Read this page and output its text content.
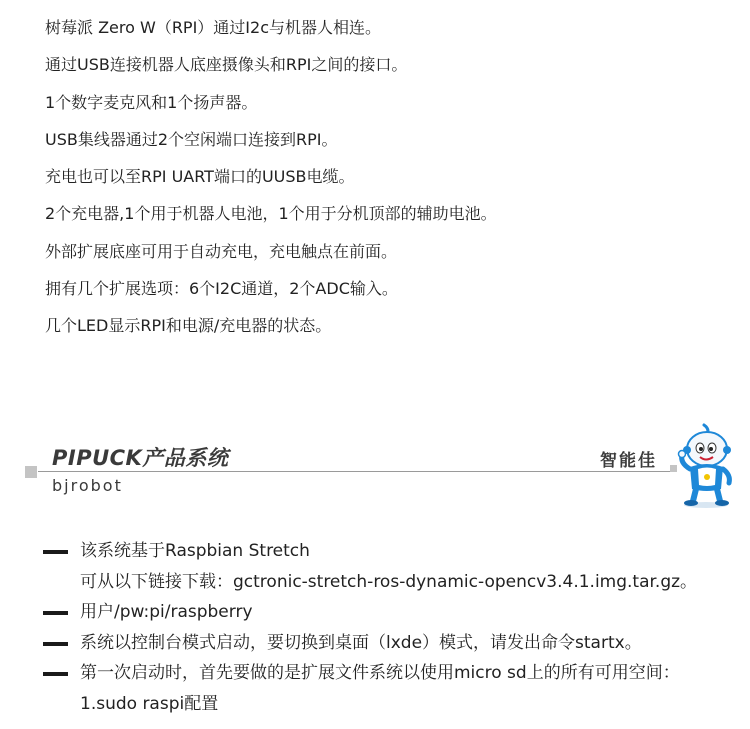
树莓派 Zero W（RPI）通过I2c与机器人相连。
通过USB连接机器人底座摄像头和RPI之间的接口。
1个数字麦克风和1个扬声器。
USB集线器通过2个空闲端口连接到RPI。
充电也可以至RPI UART端口的UUSB电缆。
2个充电器,1个用于机器人电池，1个用于分机顶部的辅助电池。
外部扩展底座可用于自动充电，充电触点在前面。
拥有几个扩展选项：6个I2C通道，2个ADC输入。
几个LED显示RPI和电源/充电器的状态。
PIPUCK产品系统
bjrobot
智能佳
该系统基于Raspbian Stretch
可从以下链接下载：gctronic-stretch-ros-dynamic-opencv3.4.1.img.tar.gz。
用户/pw:pi/raspberry
系统以控制台模式启动，要切换到桌面（lxde）模式，请发出命令startx。
第一次启动时，首先要做的是扩展文件系统以使用micro sd上的所有可用空间：
1.sudo raspi配置
